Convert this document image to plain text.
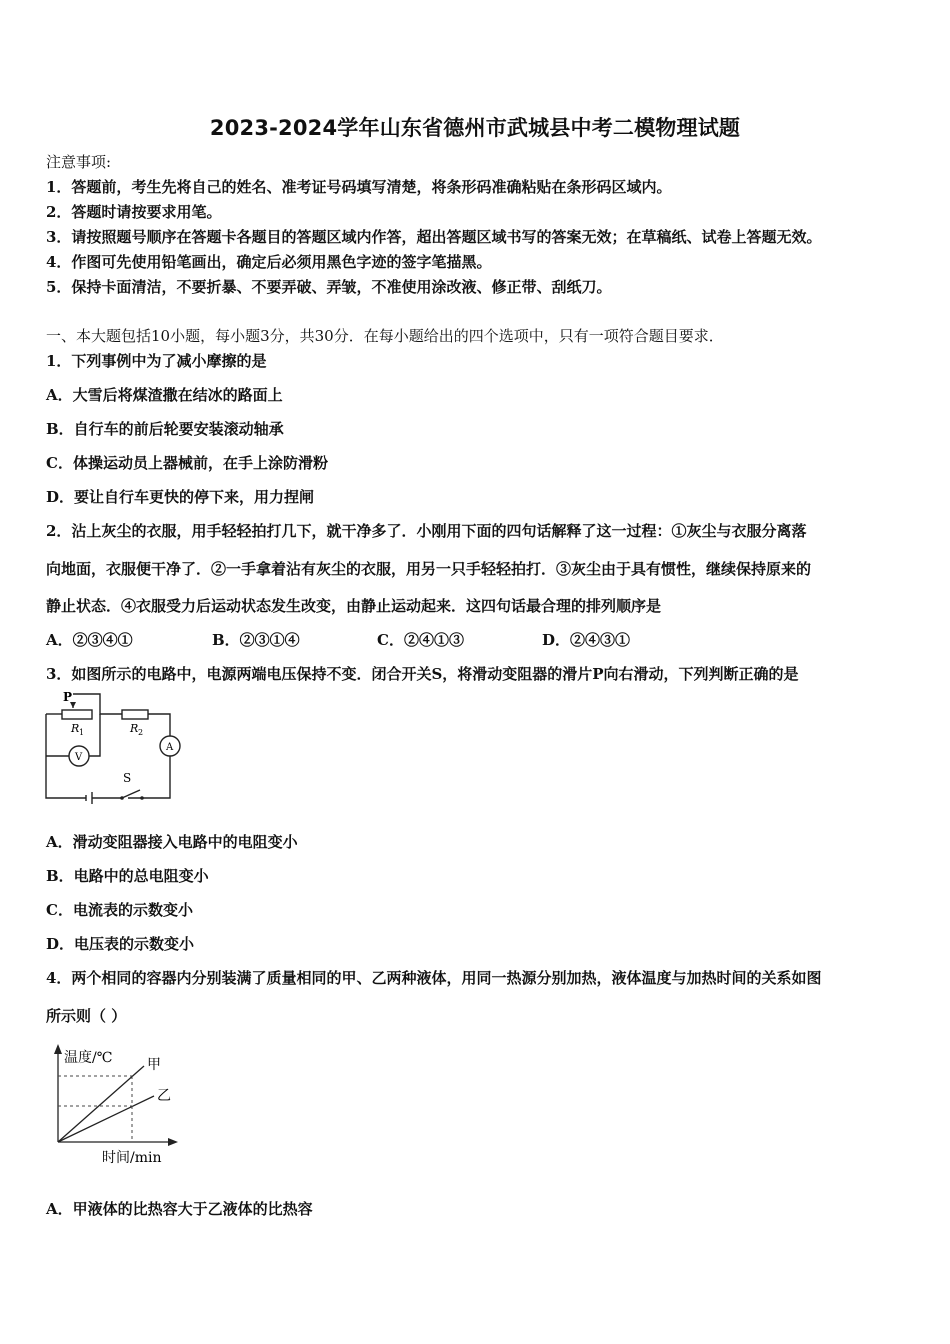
2023-2024学年山东省德州市武城县中考二模物理试题
注意事项:
1．答题前，考生先将自己的姓名、准考证号码填写清楚，将条形码准确粘贴在条形码区域内。
2．答题时请按要求用笔。
3．请按照题号顺序在答题卡各题目的答题区域内作答，超出答题区域书写的答案无效；在草稿纸、试卷上答题无效。
4．作图可先使用铅笔画出，确定后必须用黑色字迹的签字笔描黑。
5．保持卡面清洁，不要折暴、不要弄破、弄皱，不准使用涂改液、修正带、刮纸刀。
一、本大题包括10小题，每小题3分，共30分．在每小题给出的四个选项中，只有一项符合题目要求．
1．下列事例中为了减小摩擦的是
A．大雪后将煤渣撒在结冰的路面上
B．自行车的前后轮要安装滚动轴承
C．体操运动员上器械前，在手上涂防滑粉
D．要让自行车更快的停下来，用力捏闸
2．沾上灰尘的衣服，用手轻轻拍打几下，就干净多了．小刚用下面的四句话解释了这一过程：①灰尘与衣服分离落
向地面，衣服便干净了．②一手拿着沾有灰尘的衣服，用另一只手轻轻拍打．③灰尘由于具有惯性，继续保持原来的
静止状态．④衣服受力后运动状态发生改变，由静止运动起来．这四句话最合理的排列顺序是
A．②③④①	B．②③①④	C．②④①③	D．②④③①
3．如图所示的电路中，电源两端电压保持不变．闭合开关S，将滑动变阻器的滑片P向右滑动，下列判断正确的是
P
R 1	R 2
A
V
S
A．滑动变阻器接入电路中的电阻变小
B．电路中的总电阻变小
C．电流表的示数变小
D．电压表的示数变小
4．两个相同的容器内分别装满了质量相同的甲、乙两种液体，用同一热源分别加热，液体温度与加热时间的关系如图
所示则（ ）
温度/℃ 甲
乙
时间/min
A．甲液体的比热容大于乙液体的比热容
